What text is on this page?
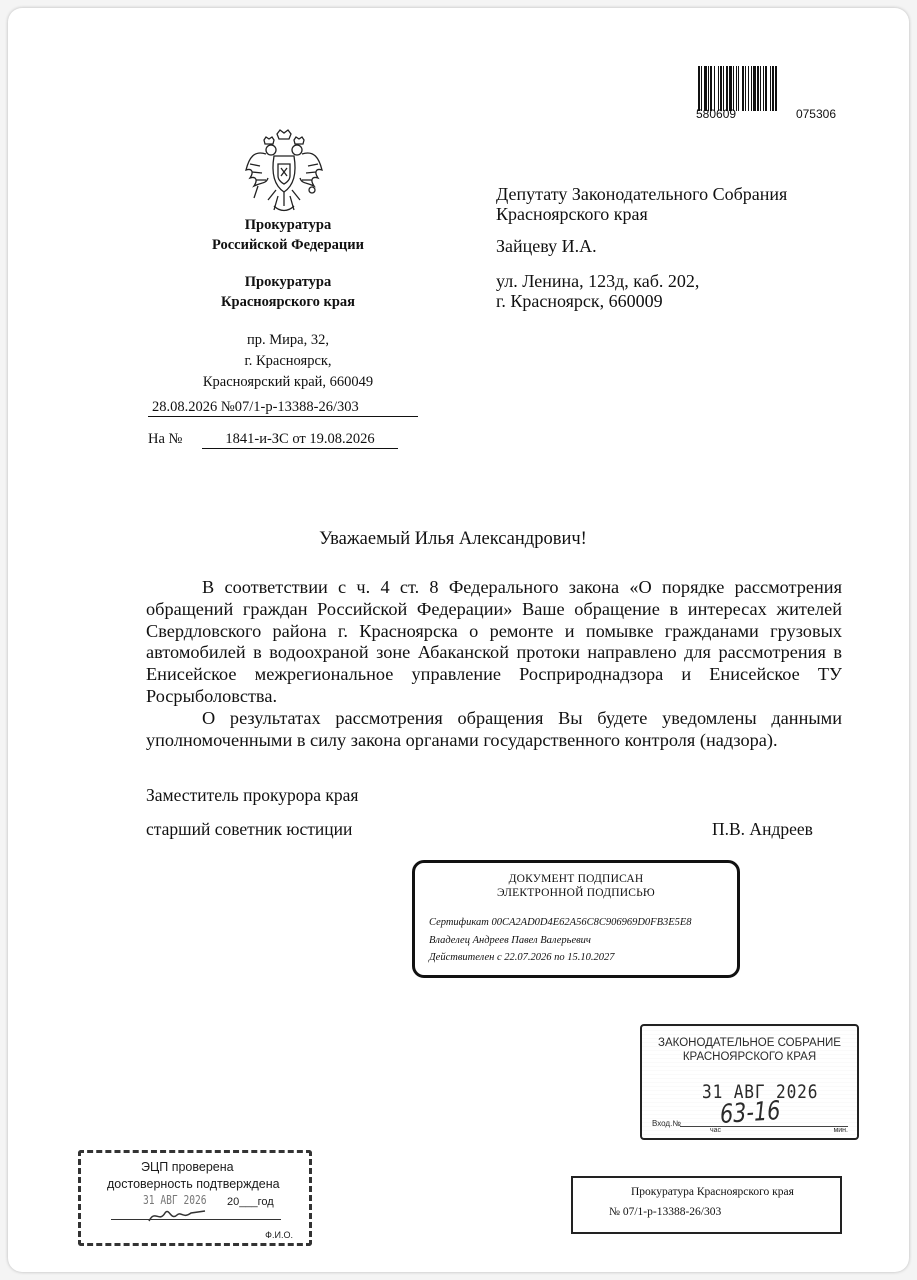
580609	075306
Прокуратура
Российской Федерации
Прокуратура
Красноярского края
пр. Мира, 32,
г. Красноярск,
Красноярский край, 660049
28.08.2026 №07/1-р-13388-26/303
На №	1841-и-ЗС от 19.08.2026
Депутату Законодательного Собрания
Красноярского края
Зайцеву И.А.
ул. Ленина, 123д, каб. 202,
г. Красноярск, 660009
Уважаемый Илья Александрович!

В соответствии с ч. 4 ст. 8 Федерального закона «О порядке рассмотрения обращений граждан Российской Федерации» Ваше обращение в интересах жителей Свердловского района г. Красноярска о ремонте и помывке гражданами грузовых автомобилей в водоохраной зоне Абаканской протоки направлено для рассмотрения в Енисейское межрегиональное управление Росприроднадзора и Енисейское ТУ Росрыболовства.

О результатах рассмотрения обращения Вы будете уведомлены данными уполномоченными в силу закона органами государственного контроля (надзора).

Заместитель прокурора края
старший советник юстиции	П.В. Андреев
ДОКУМЕНТ ПОДПИСАН
ЭЛЕКТРОННОЙ ПОДПИСЬЮ
Сертификат 00CA2AD0D4E62A56C8C906969D0FB3E5E8
Владелец Андреев Павел Валерьевич
Действителен с 22.07.2026 по 15.10.2027
ЗАКОНОДАТЕЛЬНОЕ СОБРАНИЕ
КРАСНОЯРСКОГО КРАЯ
31 АВГ 2026
63-16
Вход.№
час	мин.
ЭЦП проверена
достоверность подтверждена
31 АВГ 2026 20___год
Ф.И.О.
Прокуратура Красноярского края
№ 07/1-р-13388-26/303
